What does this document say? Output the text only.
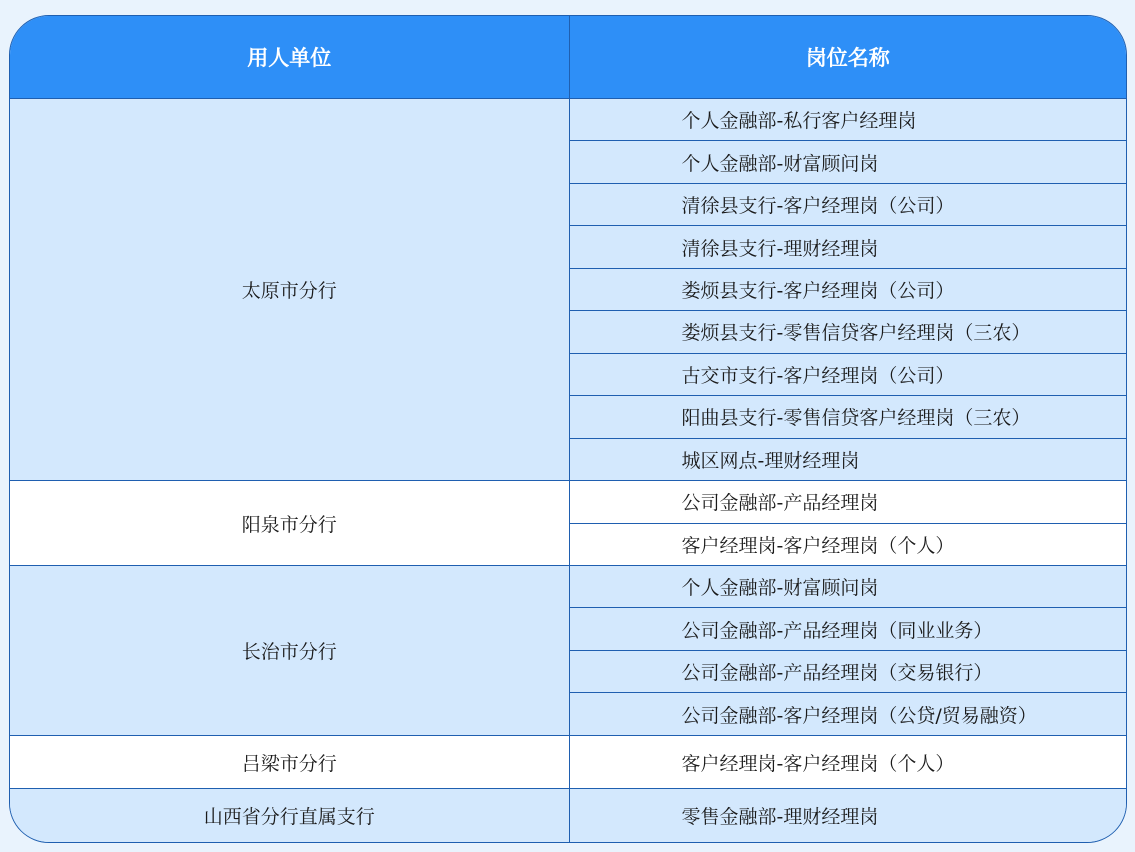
用人单位	岗位名称
太原市分行	个人金融部-私行客户经理岗
	个人金融部-财富顾问岗
	清徐县支行-客户经理岗（公司）
	清徐县支行-理财经理岗
	娄烦县支行-客户经理岗（公司）
	娄烦县支行-零售信贷客户经理岗（三农）
	古交市支行-客户经理岗（公司）
	阳曲县支行-零售信贷客户经理岗（三农）
	城区网点-理财经理岗
阳泉市分行	公司金融部-产品经理岗
	客户经理岗-客户经理岗（个人）
长治市分行	个人金融部-财富顾问岗
	公司金融部-产品经理岗（同业业务）
	公司金融部-产品经理岗（交易银行）
	公司金融部-客户经理岗（公贷/贸易融资）
吕梁市分行	客户经理岗-客户经理岗（个人）
山西省分行直属支行	零售金融部-理财经理岗
